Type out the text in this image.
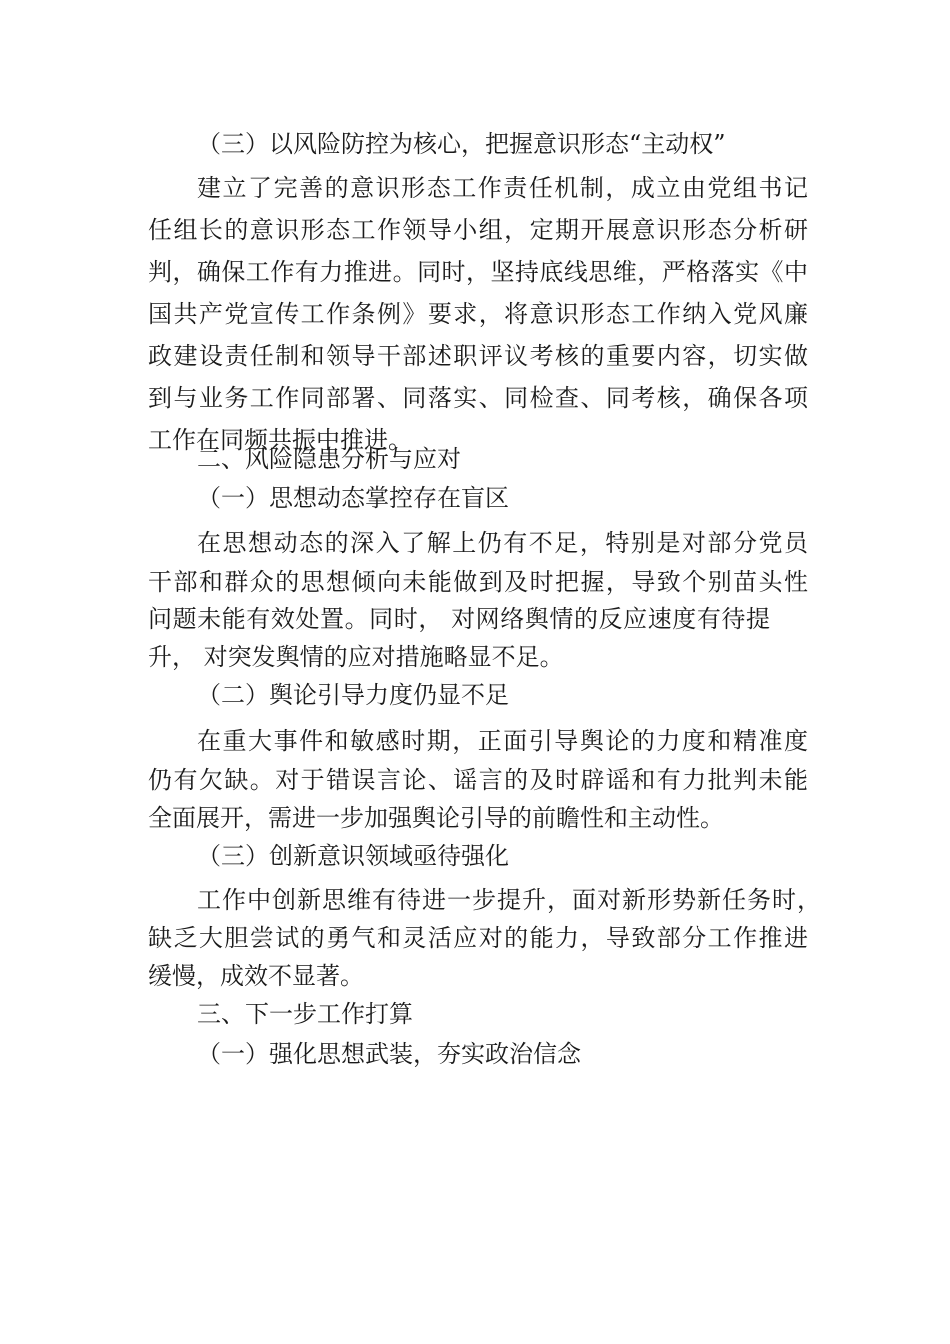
（三）以风险防控为核心，把握意识形态“主动权”
建立了完善的意识形态工作责任机制，成立由党组书记
任组长的意识形态工作领导小组，定期开展意识形态分析研
判，确保工作有力推进。同时，坚持底线思维，严格落实《中
国共产党宣传工作条例》要求，将意识形态工作纳入党风廉
政建设责任制和领导干部述职评议考核的重要内容，切实做
到与业务工作同部署、同落实、同检查、同考核，确保各项
工作在同频共振中推进。
二、风险隐患分析与应对
（一）思想动态掌控存在盲区
在思想动态的深入了解上仍有不足，特别是对部分党员
干部和群众的思想倾向未能做到及时把握，导致个别苗头性
问题未能有效处置。同时， 对网络舆情的反应速度有待提
升， 对突发舆情的应对措施略显不足。
（二）舆论引导力度仍显不足
在重大事件和敏感时期，正面引导舆论的力度和精准度
仍有欠缺。对于错误言论、谣言的及时辟谣和有力批判未能
全面展开，需进一步加强舆论引导的前瞻性和主动性。
（三）创新意识领域亟待强化
工作中创新思维有待进一步提升，面对新形势新任务时，
缺乏大胆尝试的勇气和灵活应对的能力，导致部分工作推进
缓慢，成效不显著。
三、下一步工作打算
（一）强化思想武装，夯实政治信念
